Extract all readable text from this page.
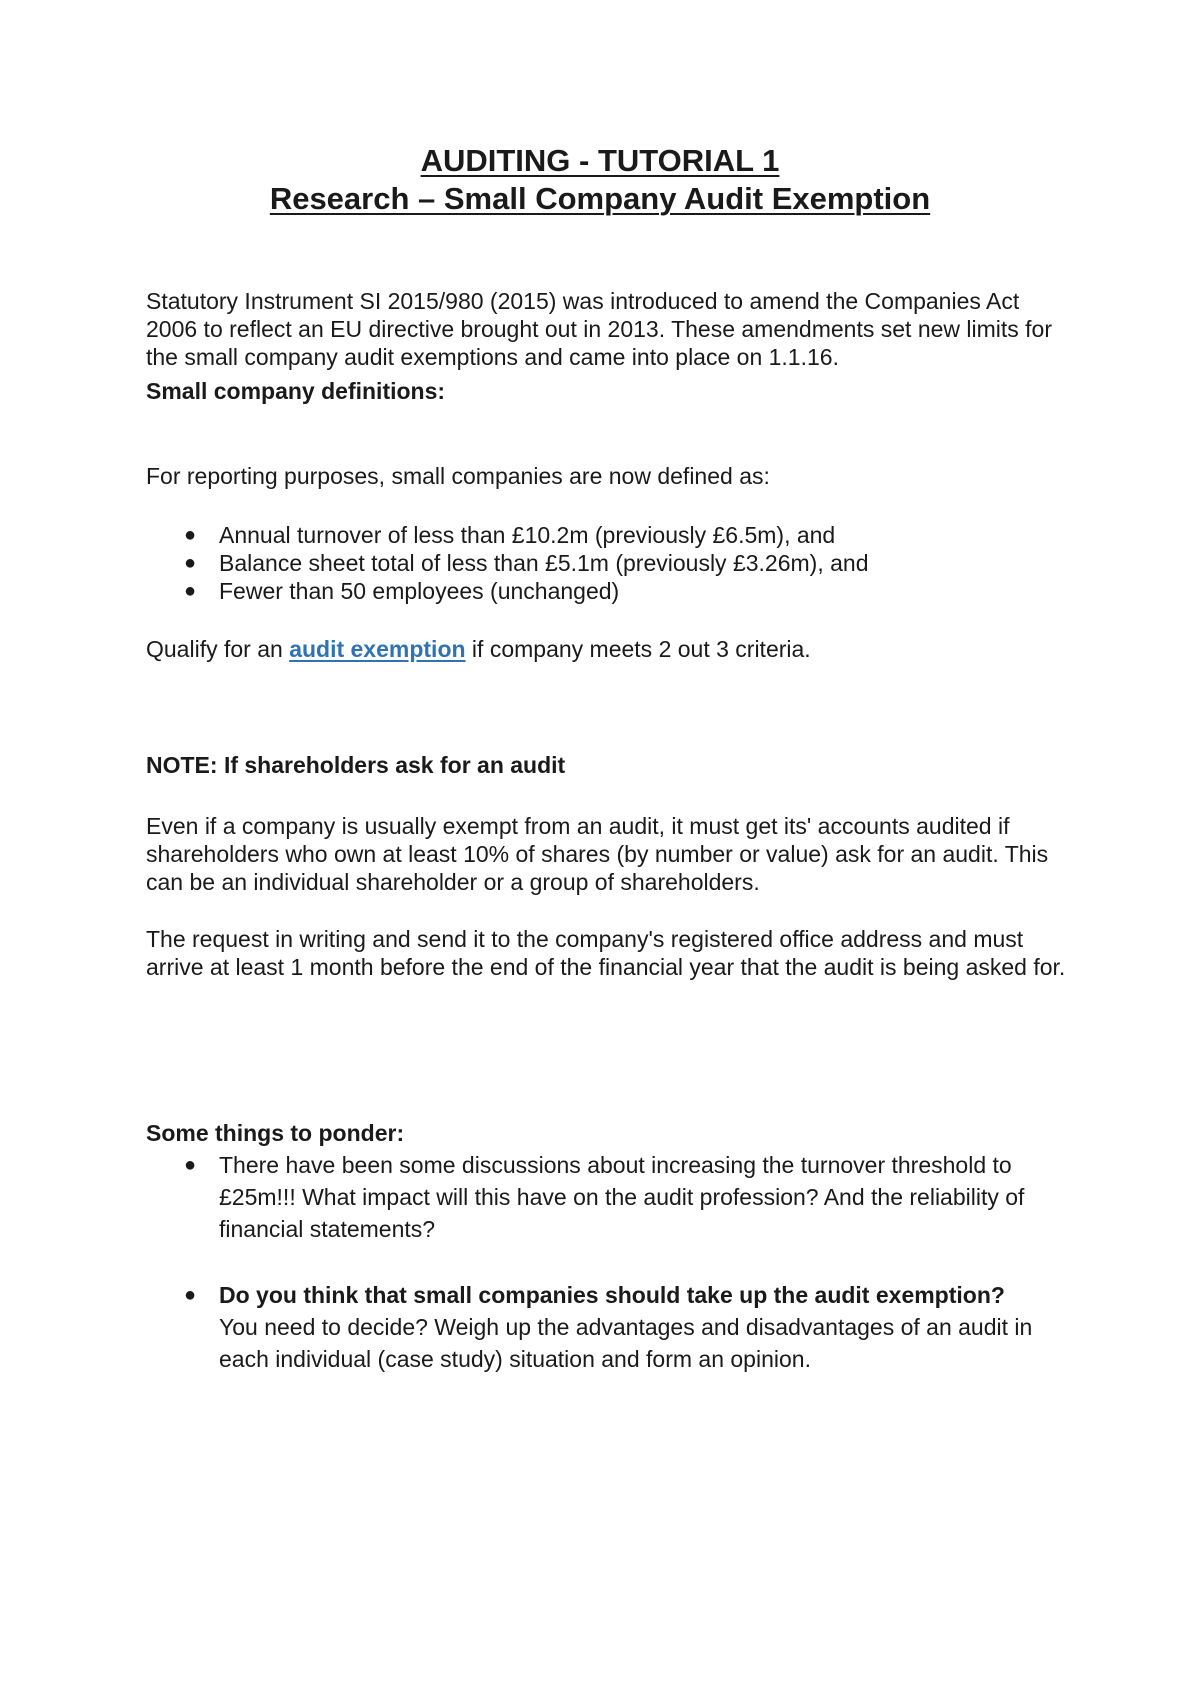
AUDITING - TUTORIAL 1
Research – Small Company Audit Exemption

Statutory Instrument SI 2015/980 (2015) was introduced to amend the Companies Act 2006 to reflect an EU directive brought out in 2013. These amendments set new limits for the small company audit exemptions and came into place on 1.1.16.

Small company definitions:

For reporting purposes, small companies are now defined as:

● Annual turnover of less than £10.2m (previously £6.5m), and
● Balance sheet total of less than £5.1m (previously £3.26m), and
● Fewer than 50 employees (unchanged)

Qualify for an audit exemption if company meets 2 out 3 criteria.

NOTE: If shareholders ask for an audit

Even if a company is usually exempt from an audit, it must get its' accounts audited if shareholders who own at least 10% of shares (by number or value) ask for an audit. This can be an individual shareholder or a group of shareholders.

The request in writing and send it to the company's registered office address and must arrive at least 1 month before the end of the financial year that the audit is being asked for.

Some things to ponder:

● There have been some discussions about increasing the turnover threshold to £25m!!! What impact will this have on the audit profession? And the reliability of financial statements?
● Do you think that small companies should take up the audit exemption?
You need to decide? Weigh up the advantages and disadvantages of an audit in each individual (case study) situation and form an opinion.
